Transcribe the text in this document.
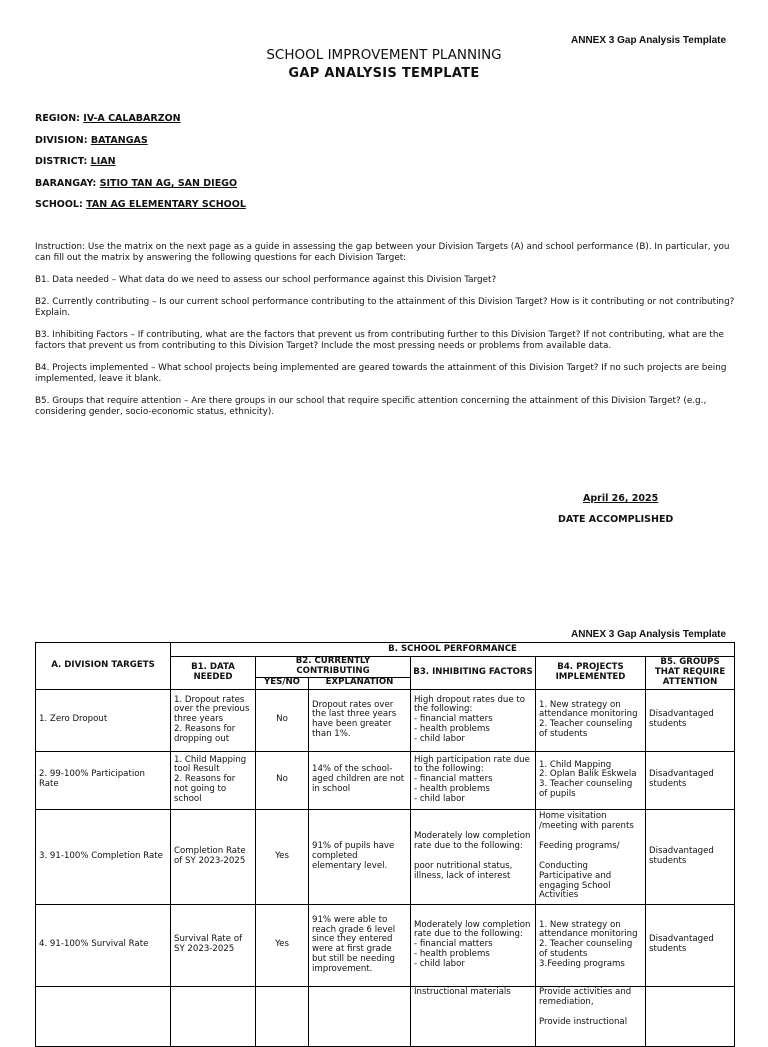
ANNEX 3 Gap Analysis Template
SCHOOL IMPROVEMENT PLANNING
GAP ANALYSIS TEMPLATE
REGION: IV-A CALABARZON
DIVISION: BATANGAS
DISTRICT: LIAN
BARANGAY: SITIO TAN AG, SAN DIEGO
SCHOOL: TAN AG ELEMENTARY SCHOOL
Instruction: Use the matrix on the next page as a guide in assessing the gap between your Division Targets (A) and school performance (B). In particular, you can fill out the matrix by answering the following questions for each Division Target:
B1. Data needed – What data do we need to assess our school performance against this Division Target?
B2. Currently contributing – Is our current school performance contributing to the attainment of this Division Target? How is it contributing or not contributing? Explain.
B3. Inhibiting Factors – If contributing, what are the factors that prevent us from contributing further to this Division Target? If not contributing, what are the factors that prevent us from contributing to this Division Target? Include the most pressing needs or problems from available data.
B4. Projects implemented – What school projects being implemented are geared towards the attainment of this Division Target? If no such projects are being implemented, leave it blank.
B5. Groups that require attention – Are there groups in our school that require specific attention concerning the attainment of this Division Target? (e.g., considering gender, socio-economic status, ethnicity).
April 26, 2025
DATE ACCOMPLISHED
ANNEX 3 Gap Analysis Template
A. DIVISION TARGETS	B. SCHOOL PERFORMANCE					
	B1. DATA NEEDED	B2. CURRENTLY CONTRIBUTING		B3. INHIBITING FACTORS	B4. PROJECTS IMPLEMENTED	B5. GROUPS THAT REQUIRE ATTENTION
		YES/NO	EXPLANATION			
1. Zero Dropout	1. Dropout rates over the previous three years
2. Reasons for dropping out	No	Dropout rates over the last three years have been greater than 1%.	High dropout rates due to the following:
- financial matters
- health problems
- child labor	1. New strategy on attendance monitoring
2. Teacher counseling of students	Disadvantaged students

2. 99-100% Participation Rate	1. Child Mapping tool Result
2. Reasons for not going to school	No	14% of the school-aged children are not in school	High participation rate due to the following:
- financial matters
- health problems
- child labor	1. Child Mapping
2. Oplan Balik Eskwela
3. Teacher counseling of pupils	Disadvantaged students

3. 91-100% Completion Rate	Completion Rate of SY 2023-2025	Yes	91% of pupils have completed elementary level.	Moderately low completion rate due to the following:
poor nutritional status, illness, lack of interest	Home visitation /meeting with parents
Feeding programs/
Conducting Participative and engaging School Activities	Disadvantaged students

4. 91-100% Survival Rate	Survival Rate of SY 2023-2025	Yes	91% were able to reach grade 6 level since they entered were at first grade but still be needing improvement.	Moderately low completion rate due to the following:
- financial matters
- health problems
- child labor	1. New strategy on attendance monitoring
2. Teacher counseling of students
3.Feeding programs	Disadvantaged students

				Instructional materials	Provide activities and remediation,
Provide instructional	
